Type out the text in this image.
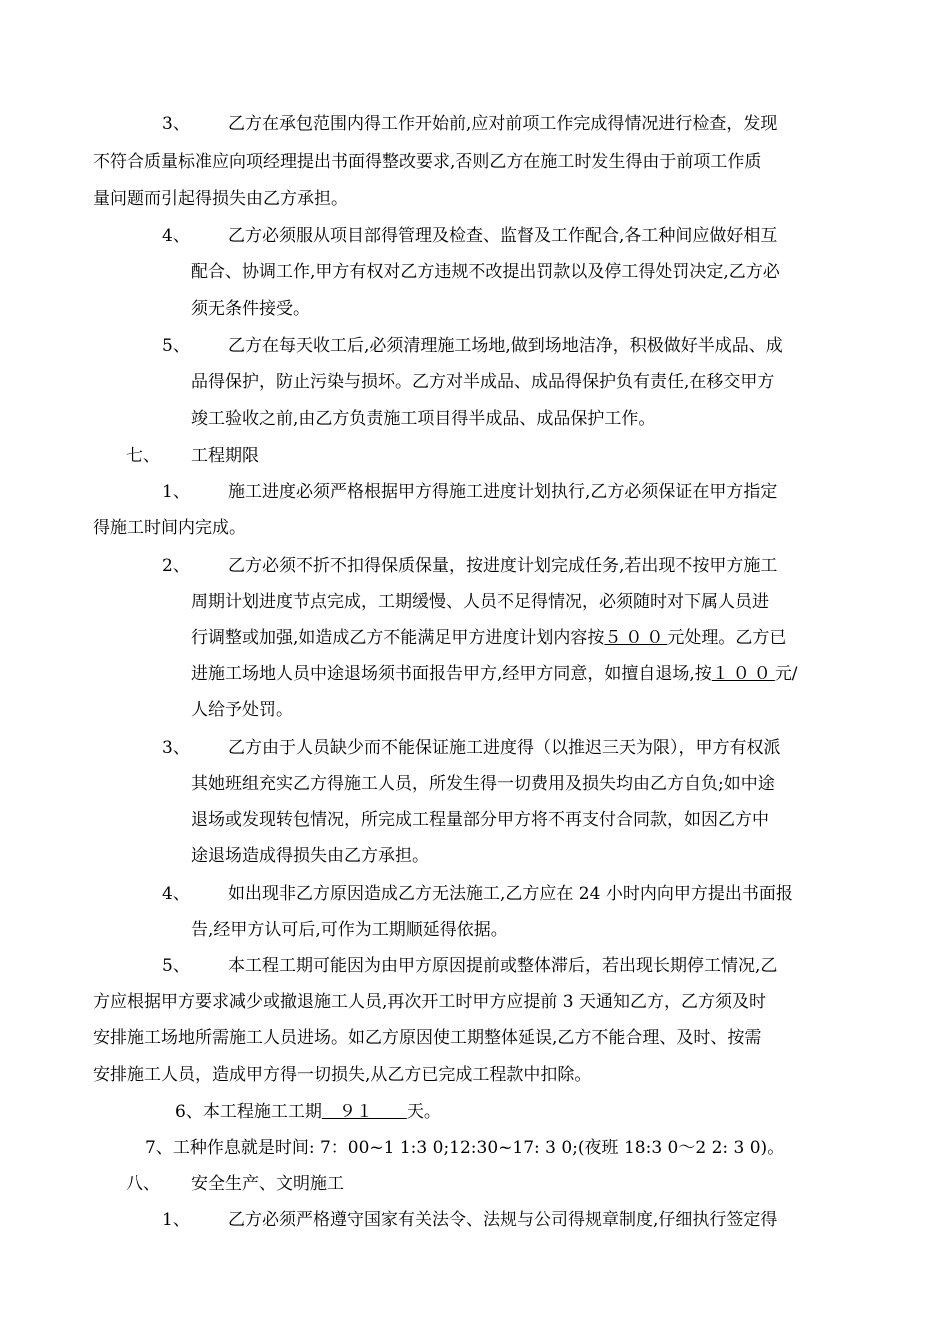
3、 乙方在承包范围内得工作开始前,应对前项工作完成得情况进行检查，发现
不符合质量标准应向项经理提出书面得整改要求,否则乙方在施工时发生得由于前项工作质
量问题而引起得损失由乙方承担。
4、 乙方必须服从项目部得管理及检查、监督及工作配合,各工种间应做好相互
配合、协调工作,甲方有权对乙方违规不改提出罚款以及停工得处罚决定,乙方必
须无条件接受。
5、 乙方在每天收工后,必须清理施工场地,做到场地洁净，积极做好半成品、成
品得保护，防止污染与损坏。乙方对半成品、成品得保护负有责任,在移交甲方
竣工验收之前,由乙方负责施工项目得半成品、成品保护工作。
七、 工程期限
1、 施工进度必须严格根据甲方得施工进度计划执行,乙方必须保证在甲方指定
得施工时间内完成。
2、 乙方必须不折不扣得保质保量，按进度计划完成任务,若出现不按甲方施工
周期计划进度节点完成，工期缓慢、人员不足得情况，必须随时对下属人员进
行调整或加强,如造成乙方不能满足甲方进度计划内容按５００元处理。乙方已
进施工场地人员中途退场须书面报告甲方,经甲方同意，如擅自退场,按１００元/
人给予处罚。
3、 乙方由于人员缺少而不能保证施工进度得（以推迟三天为限），甲方有权派
其她班组充实乙方得施工人员，所发生得一切费用及损失均由乙方自负;如中途
退场或发现转包情况，所完成工程量部分甲方将不再支付合同款，如因乙方中
途退场造成得损失由乙方承担。
4、 如出现非乙方原因造成乙方无法施工,乙方应在 24 小时内向甲方提出书面报
告,经甲方认可后,可作为工期顺延得依据。
5、 本工程工期可能因为由甲方原因提前或整体滞后，若出现长期停工情况,乙
方应根据甲方要求减少或撤退施工人员,再次开工时甲方应提前 3 天通知乙方，乙方须及时
安排施工场地所需施工人员进场。如乙方原因使工期整体延误,乙方不能合理、及时、按需
安排施工人员，造成甲方得一切损失,从乙方已完成工程款中扣除。
6、本工程施工工期　９１　　天。
7、工种作息就是时间: 7：00~1 1:3 0;12:30~17: 3 0;(夜班 18:3 0～2 2: 3 0)。
八、 安全生产、文明施工
1、 乙方必须严格遵守国家有关法令、法规与公司得规章制度,仔细执行签定得
